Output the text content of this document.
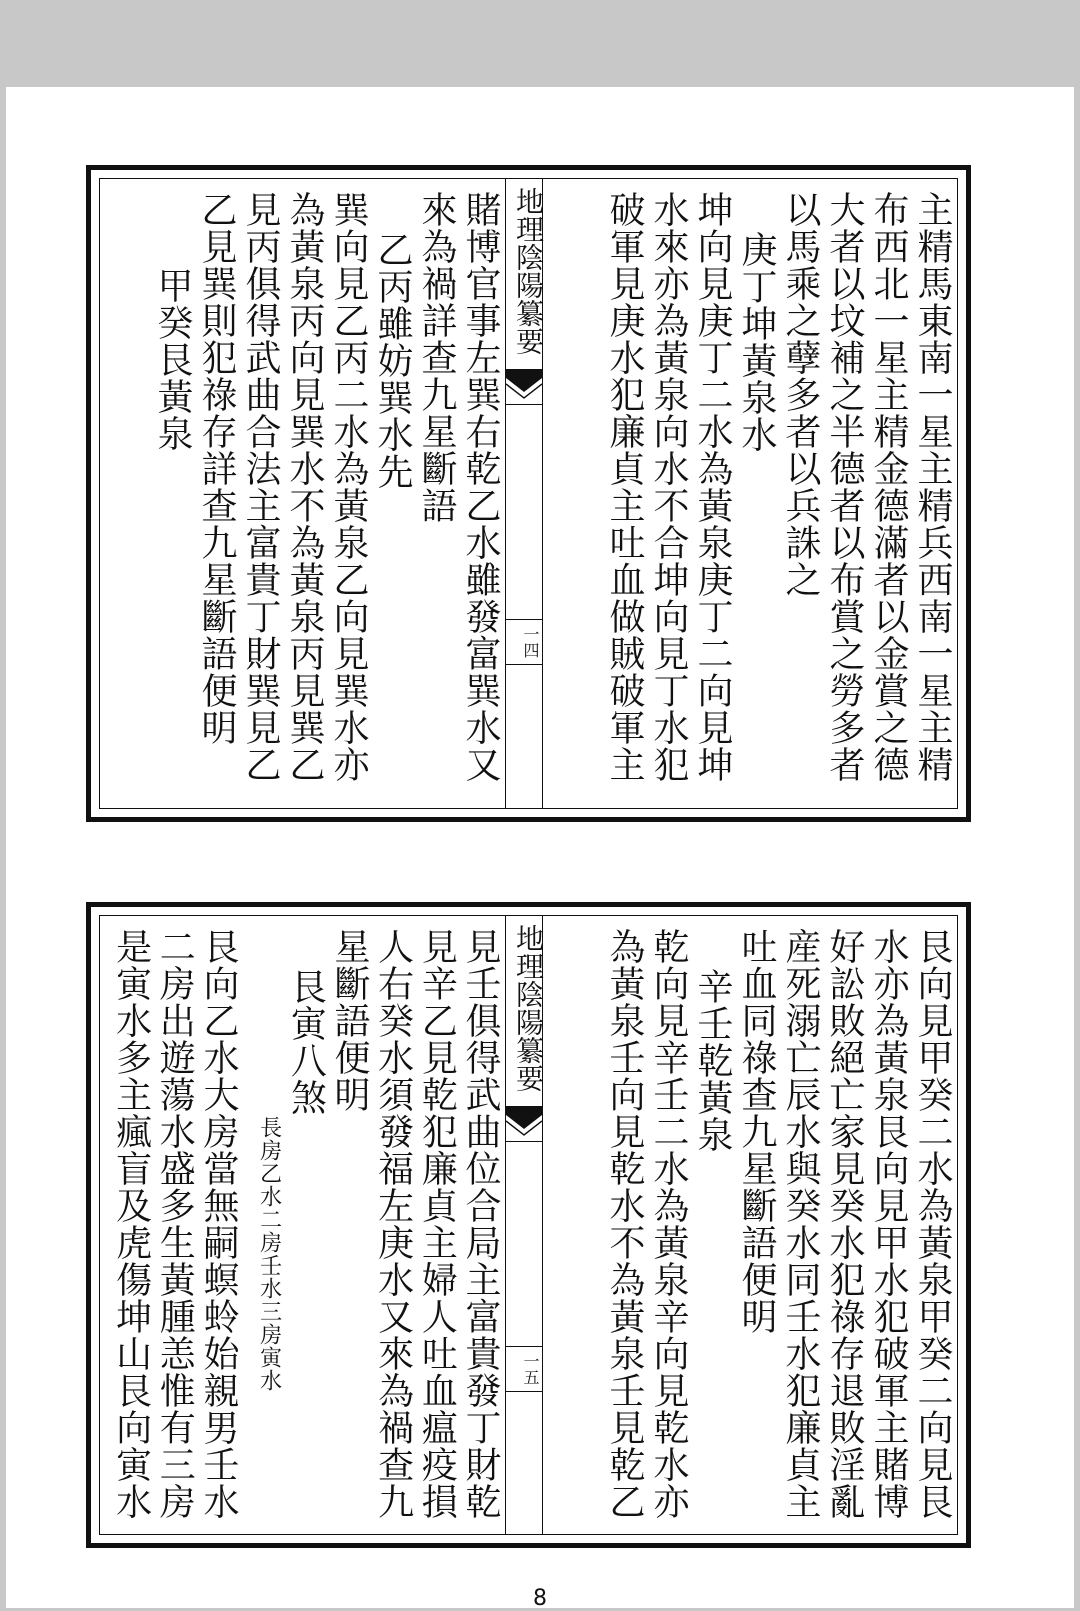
主精馬東南一星主精兵西南一星主精
布西北一星主精金德滿者以金賞之德
大者以坟補之半德者以布賞之勞多者
以馬乘之孽多者以兵誅之
庚丁坤黃泉水
坤向見庚丁二水為黃泉庚丁二向見坤
水來亦為黃泉向水不合坤向見丁水犯
破軍見庚水犯廉貞主吐血做賊破軍主
地理陰陽纂要
一四
賭博官事左巽右乾乙水雖發富巽水又
來為禍詳查九星斷語
乙丙雖妨巽水先
巽向見乙丙二水為黃泉乙向見巽水亦
為黃泉丙向見巽水不為黃泉丙見巽乙
見丙俱得武曲合法主富貴丁財巽見乙
乙見巽則犯祿存詳查九星斷語便明
甲癸艮黃泉
艮向見甲癸二水為黃泉甲癸二向見艮
水亦為黃泉艮向見甲水犯破軍主賭博
好訟敗絕亡家見癸水犯祿存退敗淫亂
産死溺亡辰水與癸水同壬水犯廉貞主
吐血同祿查九星斷語便明
辛壬乾黃泉
乾向見辛壬二水為黃泉辛向見乾水亦
為黃泉壬向見乾水不為黃泉壬見乾乙
地理陰陽纂要
一五
見壬俱得武曲位合局主富貴發丁財乾
見辛乙見乾犯廉貞主婦人吐血瘟疫損
人右癸水須發福左庚水又來為禍查九
星斷語便明
艮寅八煞
長房乙水二房壬水三房寅水
艮向乙水大房當無嗣螟蛉始親男壬水
二房出遊蕩水盛多生黃腫恙惟有三房
是寅水多主瘋盲及虎傷坤山艮向寅水
8
